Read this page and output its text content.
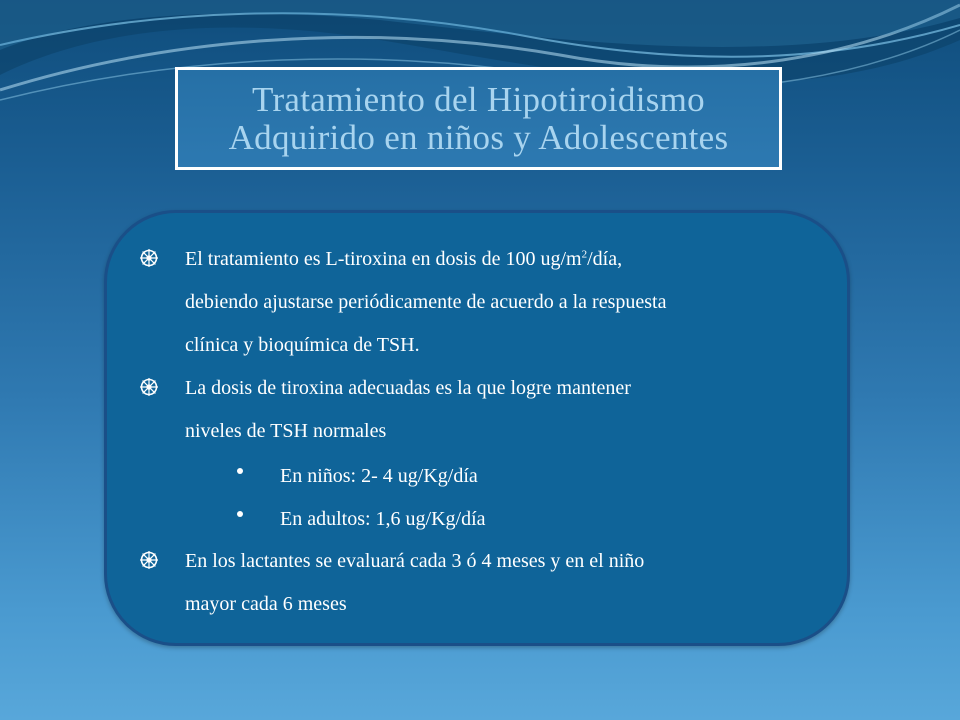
Tratamiento del Hipotiroidismo
Adquirido en niños y Adolescentes
El tratamiento es L-tiroxina en dosis de 100 $ug/m^2$/día,
debiendo ajustarse periódicamente de acuerdo a la respuesta
clínica y bioquímica de TSH.
La dosis de tiroxina adecuadas es la que logre mantener
niveles de TSH normales
En niños: 2- 4 ug/Kg/día
En adultos: 1,6 ug/Kg/día
En los lactantes se evaluará cada 3 ó 4 meses y en el niño
mayor cada 6 meses
